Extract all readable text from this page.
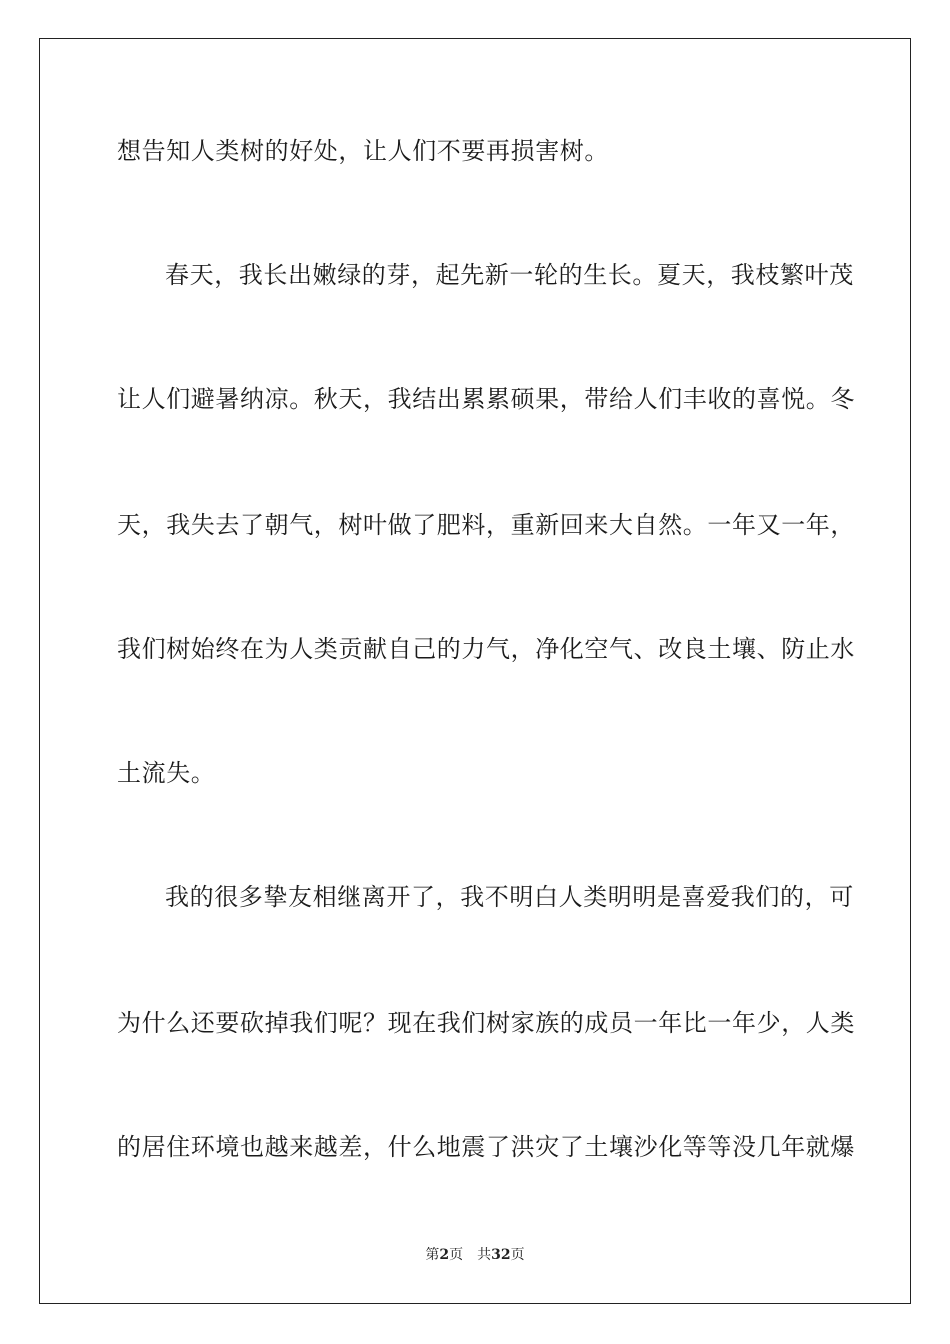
想告知人类树的好处，让人们不要再损害树。
春天，我长出嫩绿的芽，起先新一轮的生长。夏天，我枝繁叶茂
让人们避暑纳凉。秋天，我结出累累硕果，带给人们丰收的喜悦。冬
天，我失去了朝气，树叶做了肥料，重新回来大自然。一年又一年，
我们树始终在为人类贡献自己的力气，净化空气、改良土壤、防止水
土流失。
我的很多挚友相继离开了，我不明白人类明明是喜爱我们的，可
为什么还要砍掉我们呢？现在我们树家族的成员一年比一年少，人类
的居住环境也越来越差，什么地震了洪灾了土壤沙化等等没几年就爆
第2页 共32页
